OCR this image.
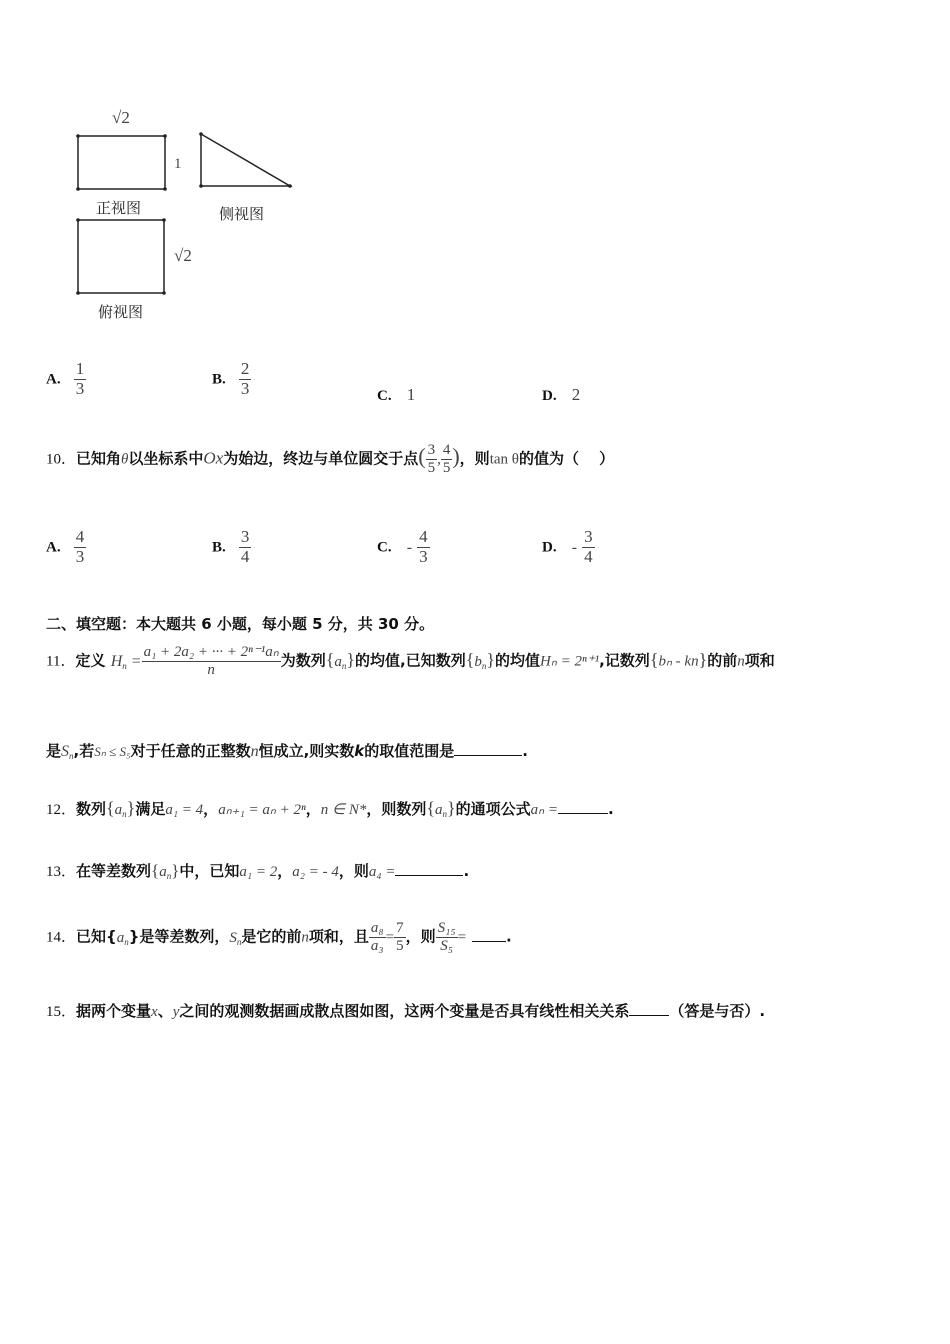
√2
1
正视图	侧视图
√2
俯视图
A. $\frac{1}{3}$	B. $\frac{2}{3}$	C. 1	D. 2
10．已知角θ以坐标系中Ox为始边，终边与单位圆交于点( $\frac{3}{5}$ , $\frac{4}{5}$ )，则tan θ的值为（　 ）
A. $\frac{4}{3}$	B. $\frac{3}{4}$	C. - $\frac{4}{3}$	D. - $\frac{3}{4}$
二、填空题：本大题共 6 小题，每小题 5 分，共 30 分。
11．定义 $H_n = \frac{\text{a₁ + 2a₂ + ··· + 2ⁿ⁻¹aₙ}}{n}$ 为数列$\{a_n\}$的均值,已知数列$\{b_n\}$的均值Hₙ = 2ⁿ⁺¹,记数列{bₙ - kn}的前n项和
是$S_n$,若Sₙ ≤ S₅对于任意的正整数n恒成立,则实数k的取值范围是	.
12．数列$\{a_n\}$满足a₁ = 4，aₙ₊₁ = aₙ + 2ⁿ，n ∈ N*，则数列$\{a_n\}$的通项公式aₙ =	.
13．在等差数列$\{a_n\}$中，已知a₁ = 2，a₂ = - 4，则a₄ =	.
14．已知$\{a_n\}$是等差数列，$S_n$是它的前n项和，且 $\frac{\text{a₈}}{\text{a₃}} = \frac{7}{5}$ ，则 $\frac{\text{S₁₅}}{\text{S₅}}$ =	.
15．据两个变量x、y之间的观测数据画成散点图如图，这两个变量是否具有线性相关关系	（答是与否）.
